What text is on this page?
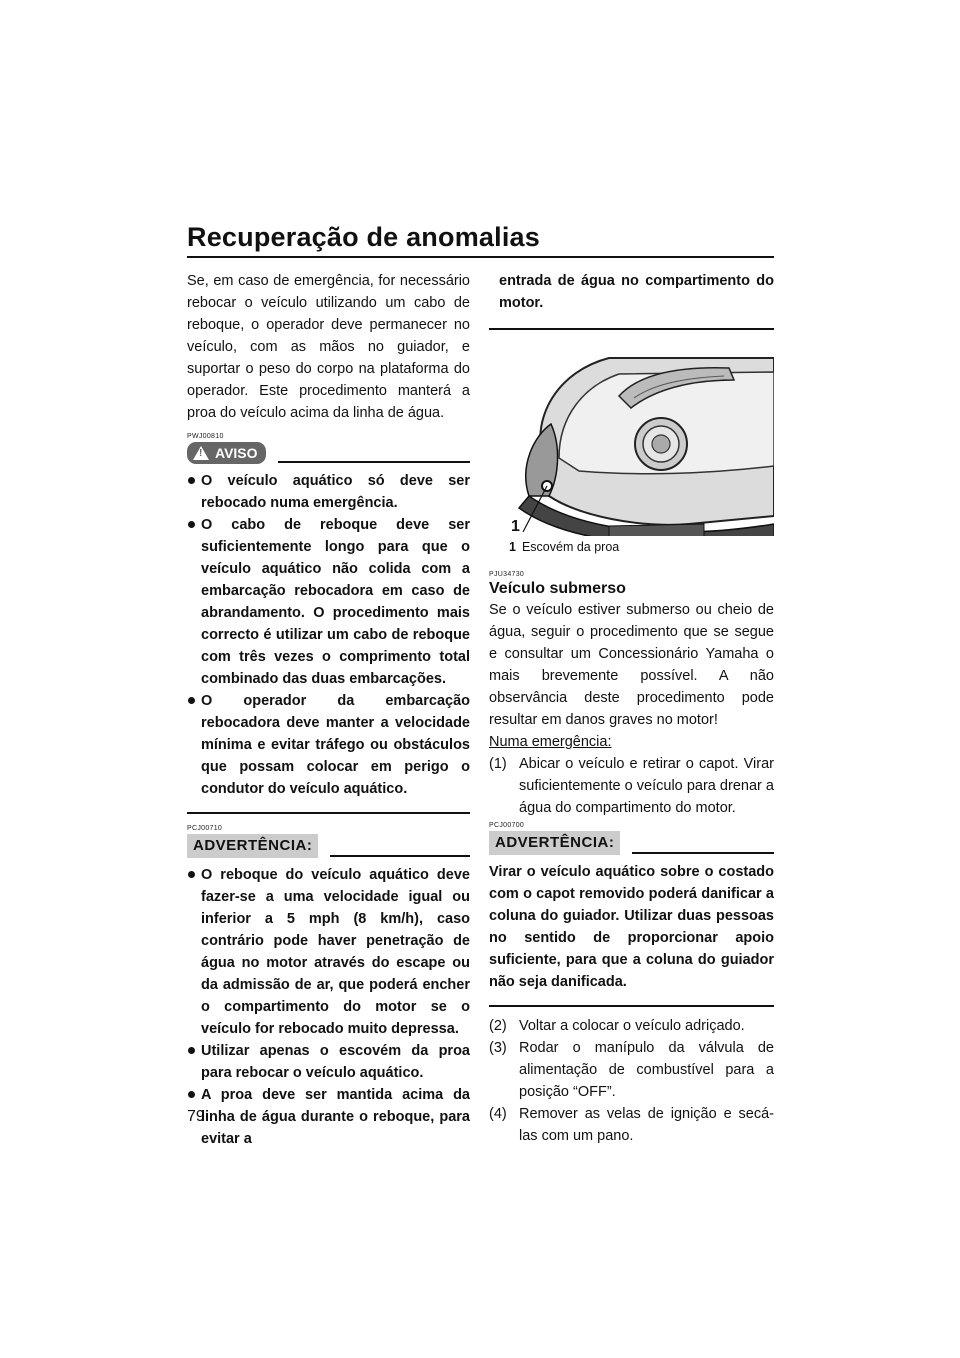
Recuperação de anomalias

Se, em caso de emergência, for necessário rebocar o veículo utilizando um cabo de reboque, o operador deve permanecer no veículo, com as mãos no guiador, e suportar o peso do corpo na plataforma do operador. Este procedimento manterá a proa do veículo acima da linha de água.

PWJ00810
! AVISO
O veículo aquático só deve ser rebocado numa emergência.
O cabo de reboque deve ser suficientemente longo para que o veículo aquático não colida com a embarcação rebocadora em caso de abrandamento. O procedimento mais correcto é utilizar um cabo de reboque com três vezes o comprimento total combinado das duas embarcações.
O operador da embarcação rebocadora deve manter a velocidade mínima e evitar tráfego ou obstáculos que possam colocar em perigo o condutor do veículo aquático.
PCJ00710
ADVERTÊNCIA:
O reboque do veículo aquático deve fazer-se a uma velocidade igual ou inferior a 5 mph (8 km/h), caso contrário pode haver penetração de água no motor através do escape ou da admissão de ar, que poderá encher o compartimento do motor se o veículo for rebocado muito depressa.
Utilizar apenas o escovém da proa para rebocar o veículo aquático.
A proa deve ser mantida acima da linha de água durante o reboque, para evitar a

entrada de água no compartimento do motor.

1
1 Escovém da proa
PJU34730
Veículo submerso

Se o veículo estiver submerso ou cheio de água, seguir o procedimento que se segue e consultar um Concessionário Yamaha o mais brevemente possível. A não observância deste procedimento pode resultar em danos graves no motor!

Numa emergência:
(1) Abicar o veículo e retirar o capot. Virar suficientemente o veículo para drenar a água do compartimento do motor.
PCJ00700
ADVERTÊNCIA:

Virar o veículo aquático sobre o costado com o capot removido poderá danificar a coluna do guiador. Utilizar duas pessoas no sentido de proporcionar apoio suficiente, para que a coluna do guiador não seja danificada.

(2) Voltar a colocar o veículo adriçado.
(3) Rodar o manípulo da válvula de alimentação de combustível para a posição “OFF”.
(4) Remover as velas de ignição e secá-las com um pano.
79
